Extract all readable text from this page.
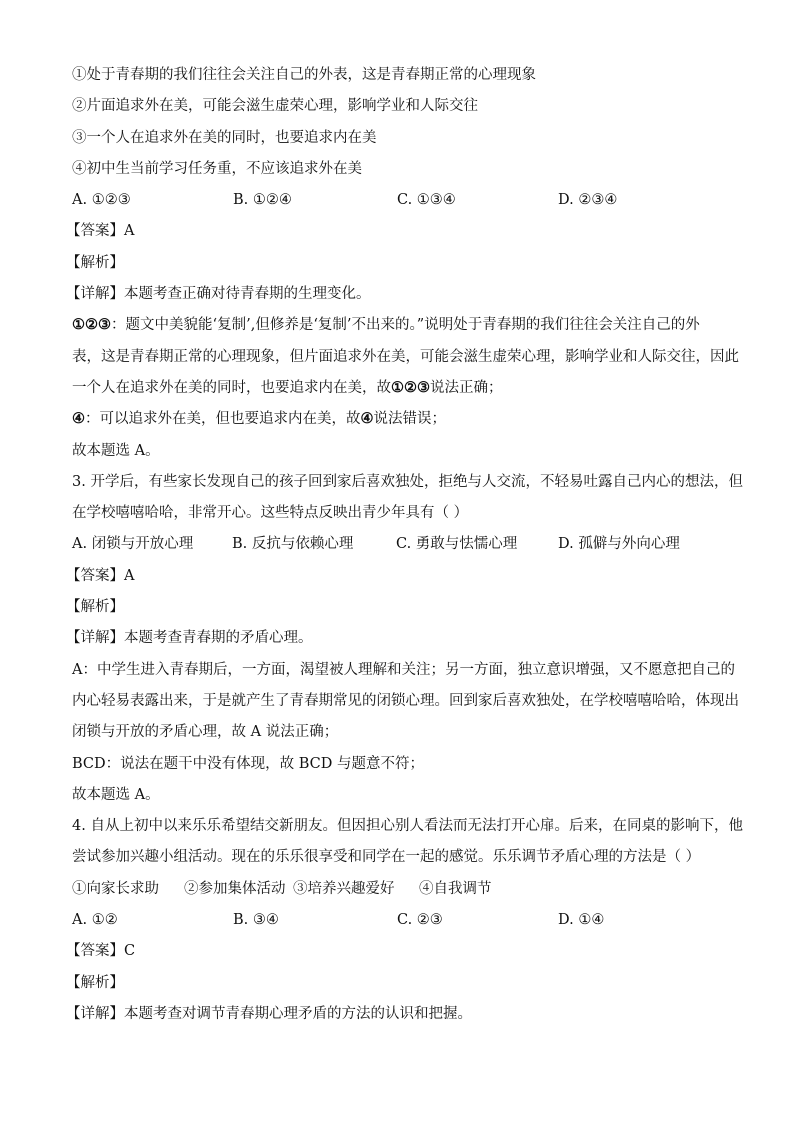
①处于青春期的我们往往会关注自己的外表，这是青春期正常的心理现象
②片面追求外在美，可能会滋生虚荣心理，影响学业和人际交往
③一个人在追求外在美的同时，也要追求内在美
④初中生当前学习任务重，不应该追求外在美
A. ①②③	B. ①②④	C. ①③④	D. ②③④
【答案】A
【解析】
【详解】本题考查正确对待青春期的生理变化。
①②③：题文中美貌能‘复制’,但修养是‘复制’不出来的。”说明处于青春期的我们往往会关注自己的外
表，这是青春期正常的心理现象，但片面追求外在美，可能会滋生虚荣心理，影响学业和人际交往，因此
一个人在追求外在美的同时，也要追求内在美，故①②③说法正确；
④：可以追求外在美，但也要追求内在美，故④说法错误；
故本题选 A。
3. 开学后，有些家长发现自己的孩子回到家后喜欢独处，拒绝与人交流，不轻易吐露自己内心的想法，但
在学校嘻嘻哈哈，非常开心。这些特点反映出青少年具有（ ）
A. 闭锁与开放心理	B. 反抗与依赖心理	C. 勇敢与怯懦心理	D. 孤僻与外向心理
【答案】A
【解析】
【详解】本题考查青春期的矛盾心理。
A：中学生进入青春期后，一方面，渴望被人理解和关注；另一方面，独立意识增强，又不愿意把自己的
内心轻易表露出来，于是就产生了青春期常见的闭锁心理。回到家后喜欢独处，在学校嘻嘻哈哈，体现出
闭锁与开放的矛盾心理，故 A 说法正确；
BCD：说法在题干中没有体现，故 BCD 与题意不符；
故本题选 A。
4. 自从上初中以来乐乐希望结交新朋友。但因担心别人看法而无法打开心扉。后来，在同桌的影响下，他
尝试参加兴趣小组活动。现在的乐乐很享受和同学在一起的感觉。乐乐调节矛盾心理的方法是（ ）
①向家长求助	②参加集体活动 ③培养兴趣爱好	④自我调节
A. ①②	B. ③④	C. ②③	D. ①④
【答案】C
【解析】
【详解】本题考查对调节青春期心理矛盾的方法的认识和把握。
